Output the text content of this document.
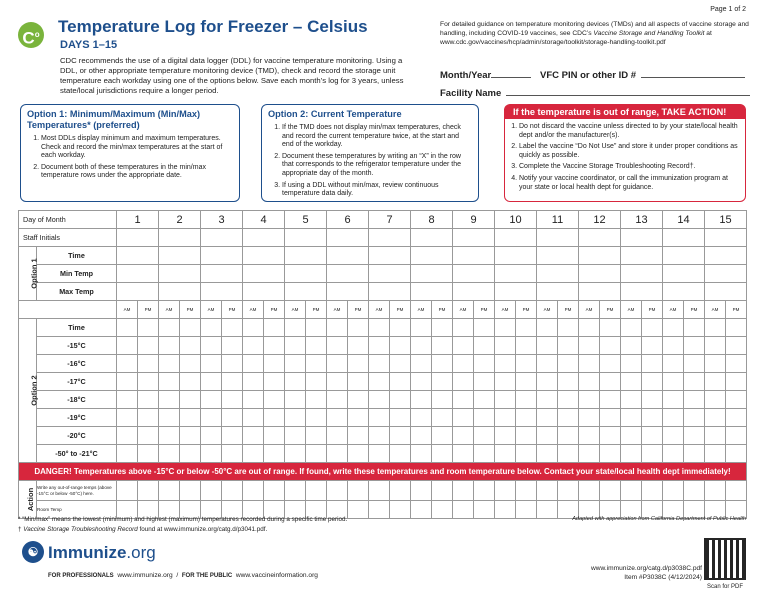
Page 1 of 2
$C^o$ Temperature Log for Freezer – Celsius
DAYS 1–15
CDC recommends the use of a digital data logger (DDL) for vaccine temperature monitoring. Using a DDL, or other appropriate temperature monitoring device (TMD), check and record the storage unit temperature each workday using one of the options below. Save each month’s log for 3 years, unless state/local jurisdictions require a longer period.
For detailed guidance on temperature monitoring devices (TMDs) and all aspects of vaccine storage and handling, including COVID-19 vaccines, see CDC’s Vaccine Storage and Handling Toolkit at www.cdc.gov/vaccines/hcp/admin/storage/toolkit/storage-handling-toolkit.pdf
Month/Year	VFC PIN or other ID #
Facility Name
Option 1: Minimum/Maximum (Min/Max) Temperatures* (preferred)
1. Most DDLs display minimum and maximum temperatures. Check and record the min/max temperatures at the start of each workday.
2. Document both of these temperatures in the min/max temperature rows under the appropriate date.
Option 2: Current Temperature
1. If the TMD does not display min/max temperatures, check and record the current temperature twice, at the start and end of the workday.
2. Document these temperatures by writing an “X” in the row that corresponds to the refrigerator temperature under the appropriate day of the month.
3. If using a DDL without min/max, review continuous temperature data daily.
If the temperature is out of range, TAKE ACTION!
1. Do not discard the vaccine unless directed to by your state/local health dept and/or the manufacturer(s).
2. Label the vaccine “Do Not Use” and store it under proper conditions as quickly as possible.
3. Complete the Vaccine Storage Troubleshooting Record†.
4. Notify your vaccine coordinator, or call the immunization program at your state or local health dept for guidance.
Day of Month		1		2		3		4		5		6		7		8		9		10		11		12		13		14		15	
Staff Initials																															
Option 1	Time																														
	Min Temp																														
	Max Temp																														
		AM	PM	AM	PM	AM	PM	AM	PM	AM	PM	AM	PM	AM	PM	AM	PM	AM	PM	AM	PM	AM	PM	AM	PM	AM	PM	AM	PM	AM	PM
Option 2	Time																														
	-15°C																														
	-16°C																														
	-17°C																														
	-18°C																														
	-19°C																														
	-20°C																														
	-50° to -21°C																														
DANGER! Temperatures above -15°C or below -50°C are out of range. If found, write these temperatures and room temperature below. Contact your state/local health dept immediately!																															
Action	Write any out-of-range temps (above -15°C or below -50°C) here.																														
	Room Temp																														
* “Min/max” means the lowest (minimum) and highest (maximum) temperatures recorded during a specific time period.
† Vaccine Storage Troubleshooting Record found at www.immunize.org/catg.d/p3041.pdf.
Adapted with appreciation from California Department of Public Health
☯ Immunize.org
FOR PROFESSIONALS www.immunize.org  /  FOR THE PUBLIC www.vaccineinformation.org
www.immunize.org/catg.d/p3038C.pdf
Item #P3038C (4/12/2024)
Scan for PDF
